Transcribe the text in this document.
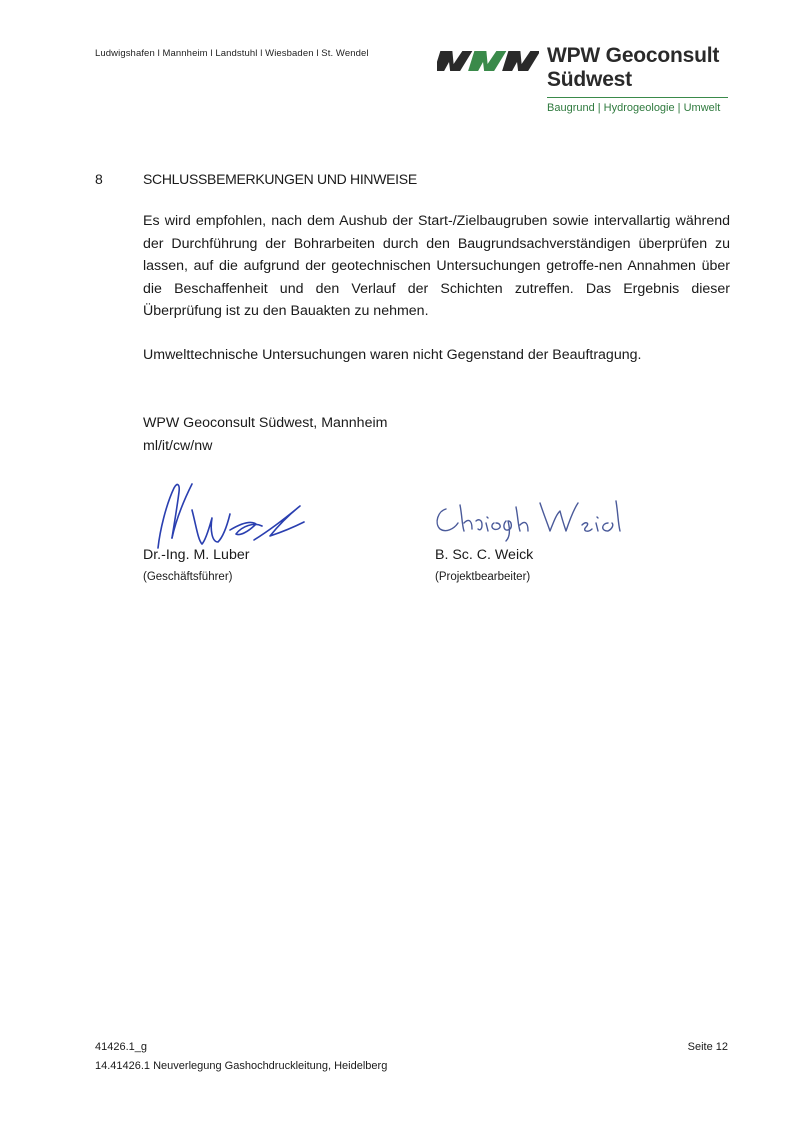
Ludwigshafen l Mannheim l Landstuhl l Wiesbaden l St. Wendel	WPW Geoconsult
Südwest
Baugrund | Hydrogeologie | Umwelt
8	SCHLUSSBEMERKUNGEN UND HINWEISE
Es wird empfohlen, nach dem Aushub der Start-/Zielbaugruben sowie intervallartig während der Durchführung der Bohrarbeiten durch den Baugrundsachverständigen überprüfen zu lassen, auf die aufgrund der geotechnischen Untersuchungen getroffe-nen Annahmen über die Beschaffenheit und den Verlauf der Schichten zutreffen. Das Ergebnis dieser Überprüfung ist zu den Bauakten zu nehmen.
Umwelttechnische Untersuchungen waren nicht Gegenstand der Beauftragung.
WPW Geoconsult Südwest, Mannheim
ml/it/cw/nw
Dr.-Ing. M. Luber
(Geschäftsführer)
B. Sc. C. Weick
(Projektbearbeiter)
41426.1_g	Seite 12
14.41426.1 Neuverlegung Gashochdruckleitung, Heidelberg
